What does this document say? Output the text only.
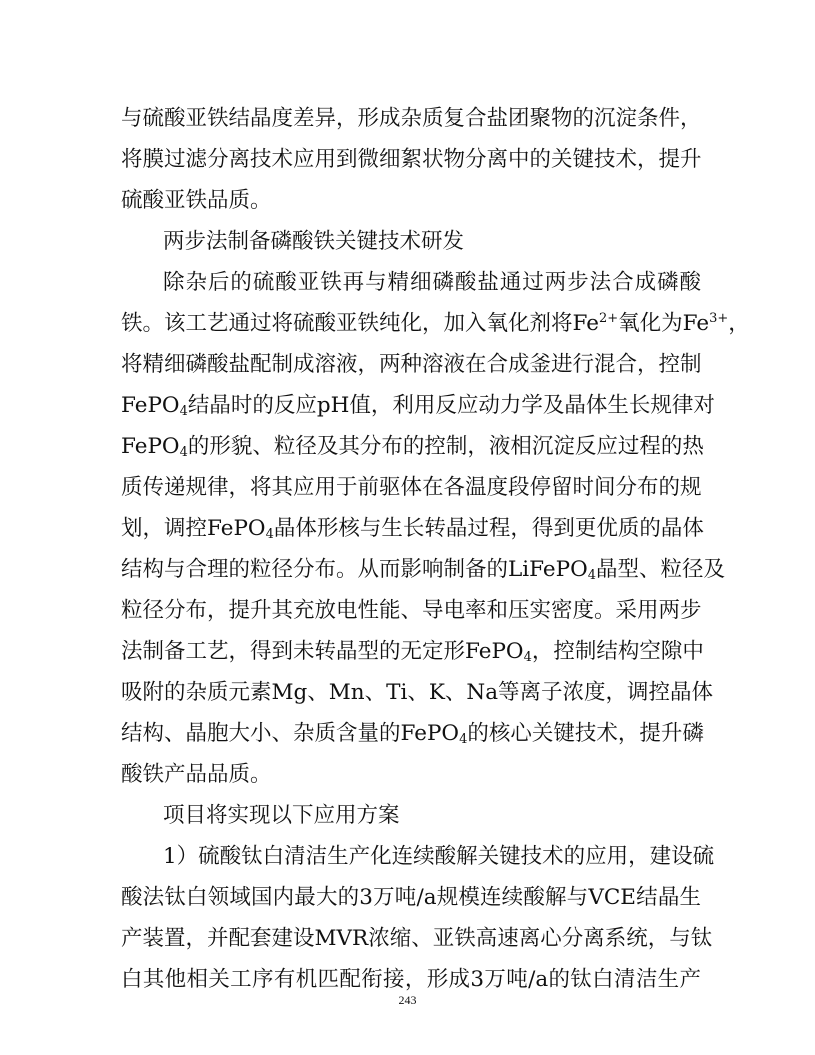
与硫酸亚铁结晶度差异，形成杂质复合盐团聚物的沉淀条件，
将膜过滤分离技术应用到微细絮状物分离中的关键技术，提升
硫酸亚铁品质。
两步法制备磷酸铁关键技术研发
除杂后的硫酸亚铁再与精细磷酸盐通过两步法合成磷酸
铁。该工艺通过将硫酸亚铁纯化，加入氧化剂将$Fe^{2+}$氧化为$Fe^{3+}$，
将精细磷酸盐配制成溶液，两种溶液在合成釜进行混合，控制
FePO$_4$结晶时的反应pH值，利用反应动力学及晶体生长规律对
FePO$_4$的形貌、粒径及其分布的控制，液相沉淀反应过程的热
质传递规律，将其应用于前驱体在各温度段停留时间分布的规
划，调控FePO$_4$晶体形核与生长转晶过程，得到更优质的晶体
结构与合理的粒径分布。从而影响制备的LiFePO$_4$晶型、粒径及
粒径分布，提升其充放电性能、导电率和压实密度。采用两步
法制备工艺，得到未转晶型的无定形FePO$_4$，控制结构空隙中
吸附的杂质元素Mg、Mn、Ti、K、Na等离子浓度，调控晶体
结构、晶胞大小、杂质含量的FePO$_4$的核心关键技术，提升磷
酸铁产品品质。
项目将实现以下应用方案
1）硫酸钛白清洁生产化连续酸解关键技术的应用，建设硫
酸法钛白领域国内最大的3万吨/a规模连续酸解与VCE结晶生
产装置，并配套建设MVR浓缩、亚铁高速离心分离系统，与钛
白其他相关工序有机匹配衔接，形成3万吨/a的钛白清洁生产
243
